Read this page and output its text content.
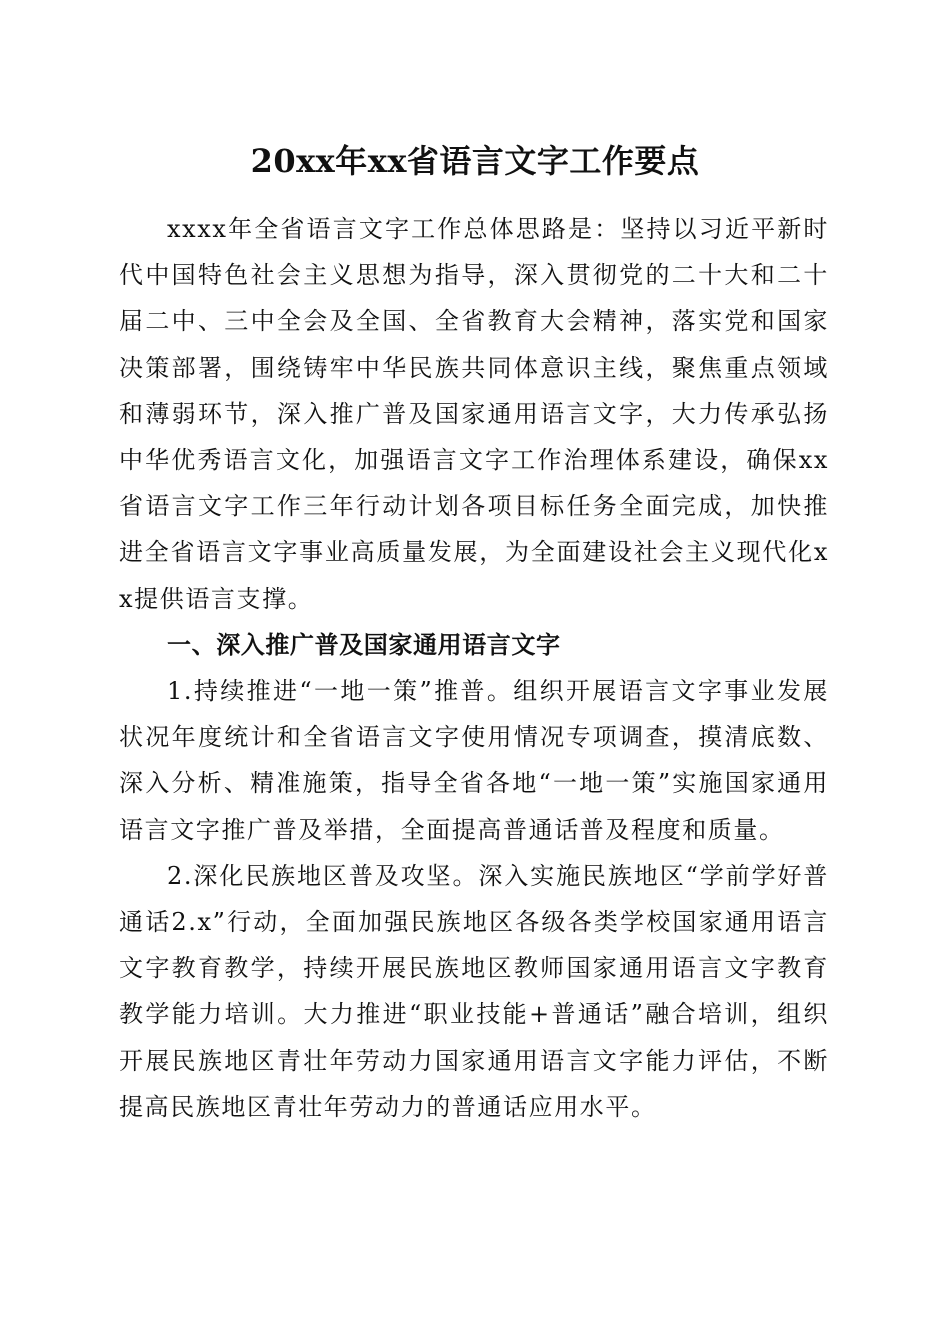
20xx年xx省语言文字工作要点

xxxx年全省语言文字工作总体思路是：坚持以习近平新时代中国特色社会主义思想为指导，深入贯彻党的二十大和二十届二中、三中全会及全国、全省教育大会精神，落实党和国家决策部署，围绕铸牢中华民族共同体意识主线，聚焦重点领域和薄弱环节，深入推广普及国家通用语言文字，大力传承弘扬中华优秀语言文化，加强语言文字工作治理体系建设，确保xx省语言文字工作三年行动计划各项目标任务全面完成，加快推进全省语言文字事业高质量发展，为全面建设社会主义现代化xx提供语言支撑。

一、深入推广普及国家通用语言文字

1.持续推进“一地一策”推普。组织开展语言文字事业发展状况年度统计和全省语言文字使用情况专项调查，摸清底数、深入分析、精准施策，指导全省各地“一地一策”实施国家通用语言文字推广普及举措，全面提高普通话普及程度和质量。

2.深化民族地区普及攻坚。深入实施民族地区“学前学好普通话2.x”行动，全面加强民族地区各级各类学校国家通用语言文字教育教学，持续开展民族地区教师国家通用语言文字教育教学能力培训。大力推进“职业技能+普通话”融合培训，组织开展民族地区青壮年劳动力国家通用语言文字能力评估，不断提高民族地区青壮年劳动力的普通话应用水平。
